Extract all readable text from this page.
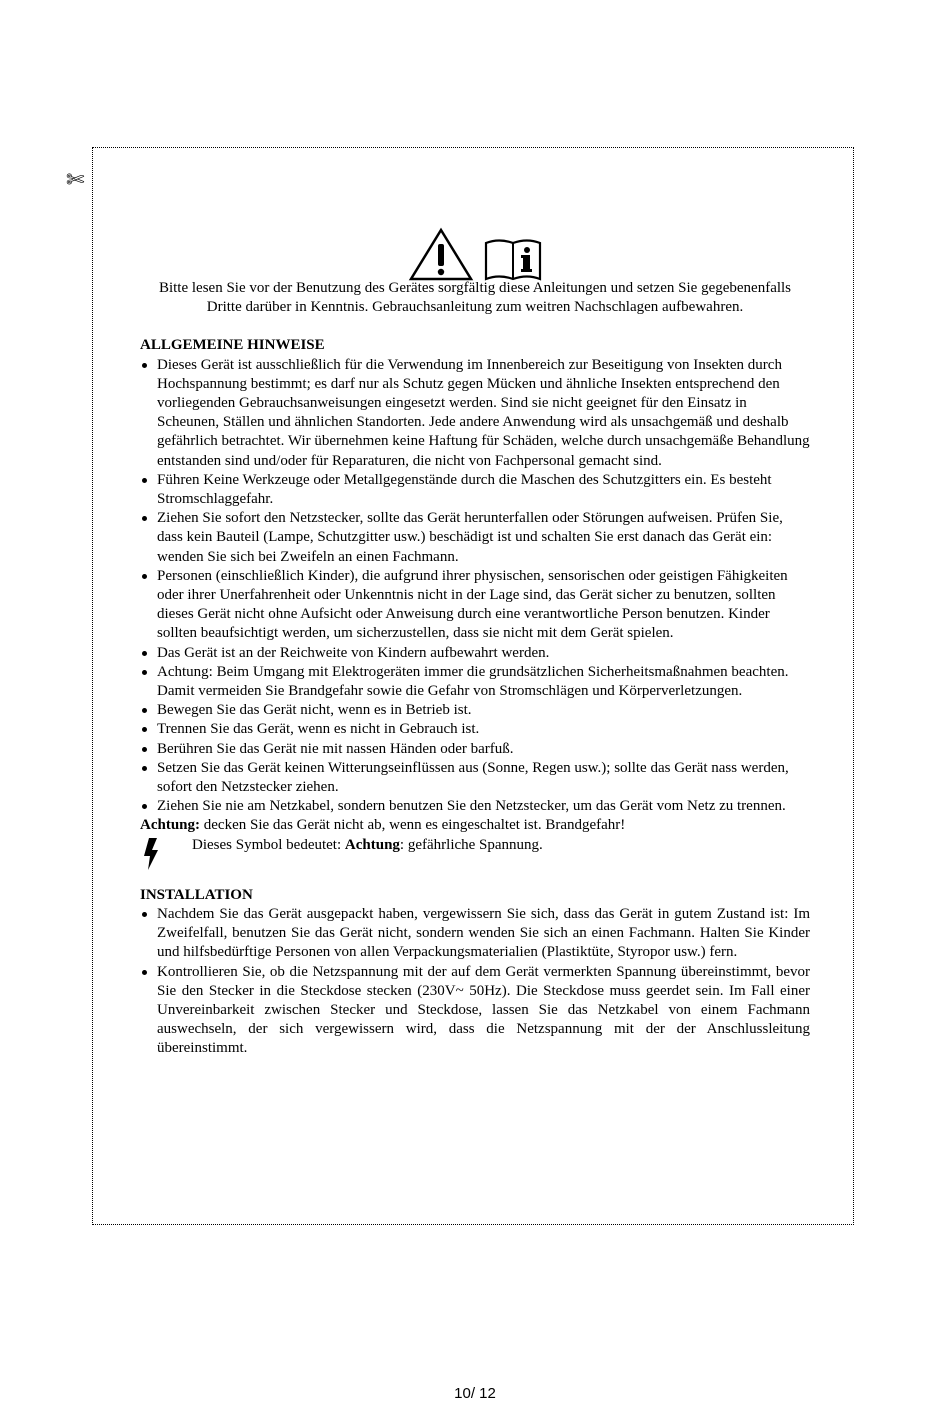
✄

Bitte lesen Sie vor der Benutzung des Gerätes sorgfältig diese Anleitungen und setzen Sie gegebenenfalls Dritte darüber in Kenntnis. Gebrauchsanleitung zum weitren Nachschlagen aufbewahren.

ALLGEMEINE HINWEISE
Dieses Gerät ist ausschließlich für die Verwendung im Innenbereich zur Beseitigung von Insekten durch Hochspannung bestimmt; es darf nur als Schutz gegen Mücken und ähnliche Insekten entsprechend den vorliegenden Gebrauchsanweisungen eingesetzt werden. Sind sie nicht geeignet für den Einsatz in Scheunen, Ställen und ähnlichen Standorten. Jede andere Anwendung wird als unsachgemäß und deshalb gefährlich betrachtet. Wir übernehmen keine Haftung für Schäden, welche durch unsachgemäße Behandlung entstanden sind und/oder für Reparaturen, die nicht von Fachpersonal gemacht sind.
Führen Keine Werkzeuge oder Metallgegenstände durch die Maschen des Schutzgitters ein. Es besteht Stromschlaggefahr.
Ziehen Sie sofort den Netzstecker, sollte das Gerät herunterfallen oder Störungen aufweisen. Prüfen Sie, dass kein Bauteil (Lampe, Schutzgitter usw.) beschädigt ist und schalten Sie erst danach das Gerät ein: wenden Sie sich bei Zweifeln an einen Fachmann.
Personen (einschließlich Kinder), die aufgrund ihrer physischen, sensorischen oder geistigen Fähigkeiten oder ihrer Unerfahrenheit oder Unkenntnis nicht in der Lage sind, das Gerät sicher zu benutzen, sollten dieses Gerät nicht ohne Aufsicht oder Anweisung durch eine verantwortliche Person benutzen. Kinder sollten beaufsichtigt werden, um sicherzustellen, dass sie nicht mit dem Gerät spielen.
Das Gerät ist an der Reichweite von Kindern aufbewahrt werden.
Achtung: Beim Umgang mit Elektrogeräten immer die grundsätzlichen Sicherheitsmaßnahmen beachten. Damit vermeiden Sie Brandgefahr sowie die Gefahr von Stromschlägen und Körperverletzungen.
Bewegen Sie das Gerät nicht, wenn es in Betrieb ist.
Trennen Sie das Gerät, wenn es nicht in Gebrauch ist.
Berühren Sie das Gerät nie mit nassen Händen oder barfuß.
Setzen Sie das Gerät keinen Witterungseinflüssen aus (Sonne, Regen usw.); sollte das Gerät nass werden, sofort den Netzstecker ziehen.
Ziehen Sie nie am Netzkabel, sondern benutzen Sie den Netzstecker, um das Gerät vom Netz zu trennen.

Achtung: decken Sie das Gerät nicht ab, wenn es eingeschaltet ist. Brandgefahr!

Dieses Symbol bedeutet: Achtung: gefährliche Spannung.
INSTALLATION
Nachdem Sie das Gerät ausgepackt haben, vergewissern Sie sich, dass das Gerät in gutem Zustand ist: Im Zweifelfall, benutzen Sie das Gerät nicht, sondern wenden Sie sich an einen Fachmann. Halten Sie Kinder und hilfsbedürftige Personen von allen Verpackungsmaterialien (Plastiktüte, Styropor usw.) fern.
Kontrollieren Sie, ob die Netzspannung mit der auf dem Gerät vermerkten Spannung übereinstimmt, bevor Sie den Stecker in die Steckdose stecken (230V~ 50Hz). Die Steckdose muss geerdet sein. Im Fall einer Unvereinbarkeit zwischen Stecker und Steckdose, lassen Sie das Netzkabel von einem Fachmann auswechseln, der sich vergewissern wird, dass die Netzspannung mit der der Anschlussleitung übereinstimmt.
10/ 12
